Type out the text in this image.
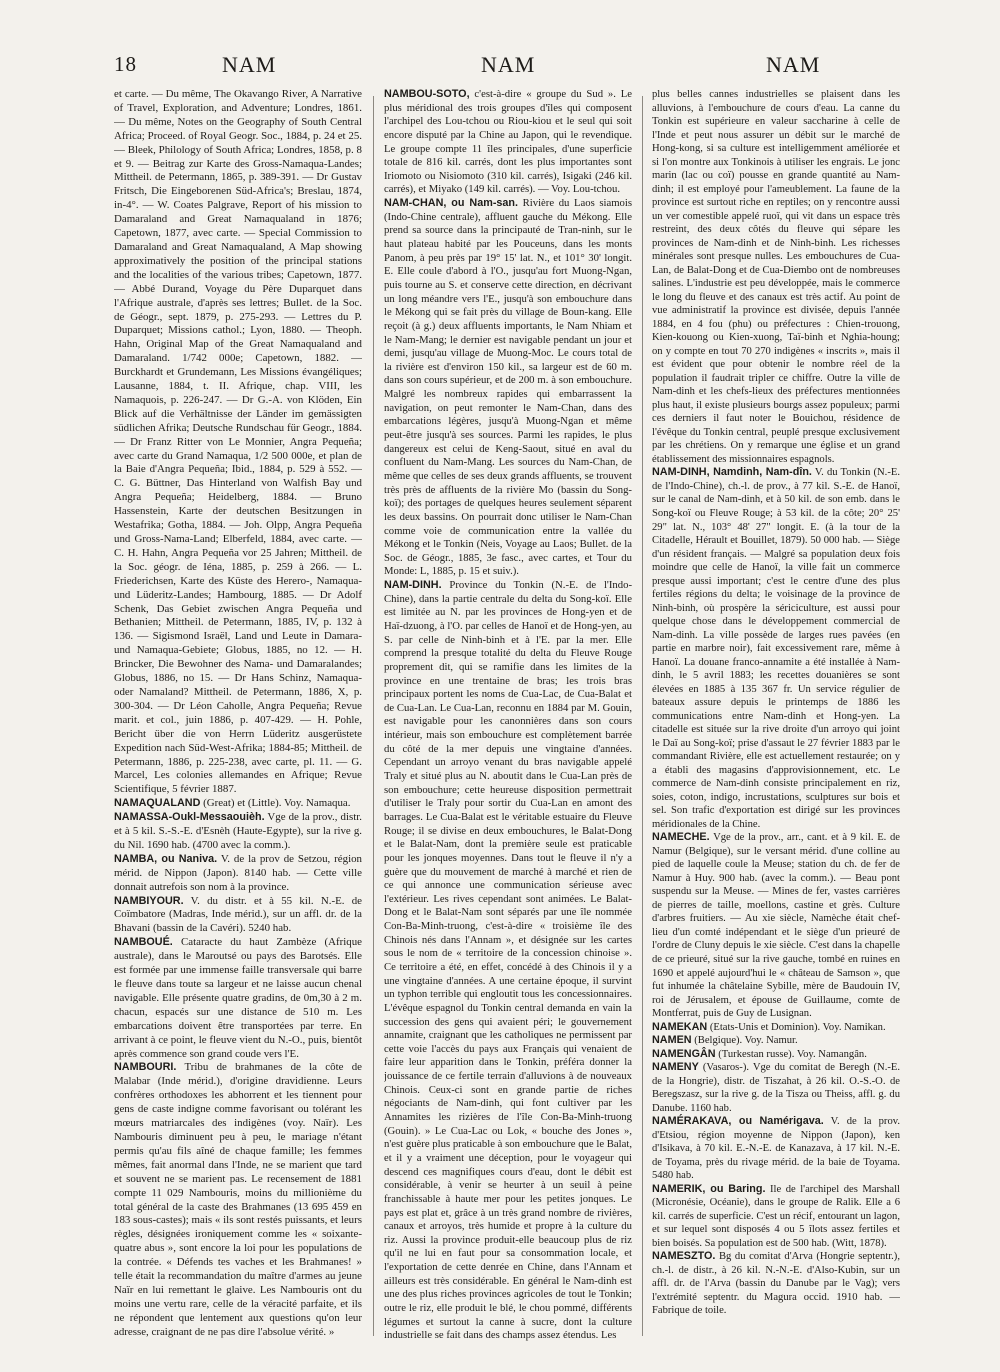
18	NAM	NAM	NAM

et carte. — Du même, The Okavango River, A Narrative of Travel, Exploration, and Adventure; Londres, 1861. — Du même, Notes on the Geography of South Central Africa; Proceed. of Royal Geogr. Soc., 1884, p. 24 et 25. — Bleek, Philology of South Africa; Londres, 1858, p. 8 et 9. — Beitrag zur Karte des Gross-Namaqua-Landes; Mittheil. de Petermann, 1865, p. 389-391. — Dr Gustav Fritsch, Die Eingeborenen Süd-Africa's; Breslau, 1874, in-4°. — W. Coates Palgrave, Report of his mission to Damaraland and Great Namaqualand in 1876; Capetown, 1877, avec carte. — Special Commission to Damaraland and Great Namaqualand, A Map showing approximatively the position of the principal stations and the localities of the various tribes; Capetown, 1877. — Abbé Durand, Voyage du Père Duparquet dans l'Afrique australe, d'après ses lettres; Bullet. de la Soc. de Géogr., sept. 1879, p. 275-293. — Lettres du P. Duparquet; Missions cathol.; Lyon, 1880. — Theoph. Hahn, Original Map of the Great Namaqualand and Damaraland. 1/742 000e; Capetown, 1882. — Burckhardt et Grundemann, Les Missions évangéliques; Lausanne, 1884, t. II. Afrique, chap. VIII, les Namaquois, p. 226-247. — Dr G.-A. von Klöden, Ein Blick auf die Verhältnisse der Länder im gemässigten südlichen Afrika; Deutsche Rundschau für Geogr., 1884. — Dr Franz Ritter von Le Monnier, Angra Pequeña; avec carte du Grand Namaqua, 1/2 500 000e, et plan de la Baie d'Angra Pequeña; Ibid., 1884, p. 529 à 552. — C. G. Büttner, Das Hinterland von Walfish Bay und Angra Pequeña; Heidelberg, 1884. — Bruno Hassenstein, Karte der deutschen Besitzungen in Westafrika; Gotha, 1884. — Joh. Olpp, Angra Pequeña und Gross-Nama-Land; Elberfeld, 1884, avec carte. — C. H. Hahn, Angra Pequeña vor 25 Jahren; Mittheil. de la Soc. géogr. de Iéna, 1885, p. 259 à 266. — L. Friederichsen, Karte des Küste des Herero-, Namaqua- und Lüderitz-Landes; Hambourg, 1885. — Dr Adolf Schenk, Das Gebiet zwischen Angra Pequeña und Bethanien; Mittheil. de Petermann, 1885, IV, p. 132 à 136. — Sigismond Israël, Land und Leute in Damara- und Namaqua-Gebiete; Globus, 1885, no 12. — H. Brincker, Die Bewohner des Nama- und Damaralandes; Globus, 1886, no 15. — Dr Hans Schinz, Namaqua- oder Namaland? Mittheil. de Petermann, 1886, X, p. 300-304. — Dr Léon Caholle, Angra Pequeña; Revue marit. et col., juin 1886, p. 407-429. — H. Pohle, Bericht über die von Herrn Lüderitz ausgerüstete Expedition nach Süd-West-Afrika; 1884-85; Mittheil. de Petermann, 1886, p. 225-238, avec carte, pl. 11. — G. Marcel, Les colonies allemandes en Afrique; Revue Scientifique, 5 février 1887.

NAMAQUALAND (Great) et (Little). Voy. Namaqua.

NAMASSA-Oukl-Messaouièh. Vge de la prov., distr. et à 5 kil. S.-S.-E. d'Esnèh (Haute-Egypte), sur la rive g. du Nil. 1690 hab. (4700 avec la comm.).

NAMBA, ou Naniva. V. de la prov de Setzou, région mérid. de Nippon (Japon). 8140 hab. — Cette ville donnait autrefois son nom à la province.

NAMBIYOUR. V. du distr. et à 55 kil. N.-E. de Coïmbatore (Madras, Inde mérid.), sur un affl. dr. de la Bhavani (bassin de la Cavéri). 5240 hab.

NAMBOUÉ. Cataracte du haut Zambèze (Afrique australe), dans le Maroutsé ou pays des Barotsés. Elle est formée par une immense faille transversale qui barre le fleuve dans toute sa largeur et ne laisse aucun chenal navigable. Elle présente quatre gradins, de 0m,30 à 2 m. chacun, espacés sur une distance de 510 m. Les embarcations doivent être transportées par terre. En arrivant à ce point, le fleuve vient du N.-O., puis, bientôt après commence son grand coude vers l'E.

NAMBOURI. Tribu de brahmanes de la côte de Malabar (Inde mérid.), d'origine dravidienne. Leurs confrères orthodoxes les abhorrent et les tiennent pour gens de caste indigne comme favorisant ou tolérant les mœurs matriarcales des indigènes (voy. Naïr). Les Nambouris diminuent peu à peu, le mariage n'étant permis qu'au fils aîné de chaque famille; les femmes mêmes, fait anormal dans l'Inde, ne se marient que tard et souvent ne se marient pas. Le recensement de 1881 compte 11 029 Nambouris, moins du millionième du total général de la caste des Brahmanes (13 695 459 en 183 sous-castes); mais « ils sont restés puissants, et leurs règles, désignées ironiquement comme les « soixante-quatre abus », sont encore la loi pour les populations de la contrée. « Défends tes vaches et les Brahmanes! » telle était la recommandation du maître d'armes au jeune Naïr en lui remettant le glaive. Les Nambouris ont du moins une vertu rare, celle de la véracité parfaite, et ils ne répondent que lentement aux questions qu'on leur adresse, craignant de ne pas dire l'absolue vérité. »

NAMBOU-SOTO, c'est-à-dire « groupe du Sud ». Le plus méridional des trois groupes d'îles qui composent l'archipel des Lou-tchou ou Riou-kiou et le seul qui soit encore disputé par la Chine au Japon, qui le revendique. Le groupe compte 11 îles principales, d'une superficie totale de 816 kil. carrés, dont les plus importantes sont Iriomoto ou Nisiomoto (310 kil. carrés), Isigaki (246 kil. carrés), et Miyako (149 kil. carrés). — Voy. Lou-tchou.

NAM-CHAN, ou Nam-san. Rivière du Laos siamois (Indo-Chine centrale), affluent gauche du Mékong. Elle prend sa source dans la principauté de Tran-ninh, sur le haut plateau habité par les Pouceuns, dans les monts Panom, à peu près par 19° 15' lat. N., et 101° 30' longit. E. Elle coule d'abord à l'O., jusqu'au fort Muong-Ngan, puis tourne au S. et conserve cette direction, en décrivant un long méandre vers l'E., jusqu'à son embouchure dans le Mékong qui se fait près du village de Boun-kang. Elle reçoit (à g.) deux affluents importants, le Nam Nhiam et le Nam-Mang; le dernier est navigable pendant un jour et demi, jusqu'au village de Muong-Moc. Le cours total de la rivière est d'environ 150 kil., sa largeur est de 60 m. dans son cours supérieur, et de 200 m. à son embouchure. Malgré les nombreux rapides qui embarrassent la navigation, on peut remonter le Nam-Chan, dans des embarcations légères, jusqu'à Muong-Ngan et même peut-être jusqu'à ses sources. Parmi les rapides, le plus dangereux est celui de Keng-Saout, situé en aval du confluent du Nam-Mang. Les sources du Nam-Chan, de même que celles de ses deux grands affluents, se trouvent très près de affluents de la rivière Mo (bassin du Song-koï); des portages de quelques heures seulement séparent les deux bassins. On pourrait donc utiliser le Nam-Chan comme voie de communication entre la vallée du Mékong et le Tonkin (Neis, Voyage au Laos; Bullet. de la Soc. de Géogr., 1885, 3e fasc., avec cartes, et Tour du Monde: L, 1885, p. 15 et suiv.).

NAM-DINH. Province du Tonkin (N.-E. de l'Indo-Chine), dans la partie centrale du delta du Song-koï. Elle est limitée au N. par les provinces de Hong-yen et de Haï-dzuong, à l'O. par celles de Hanoï et de Hong-yen, au S. par celle de Ninh-binh et à l'E. par la mer. Elle comprend la presque totalité du delta du Fleuve Rouge proprement dit, qui se ramifie dans les limites de la province en une trentaine de bras; les trois bras principaux portent les noms de Cua-Lac, de Cua-Balat et de Cua-Lan. Le Cua-Lan, reconnu en 1884 par M. Gouin, est navigable pour les canonnières dans son cours intérieur, mais son embouchure est complètement barrée du côté de la mer depuis une vingtaine d'années. Cependant un arroyo venant du bras navigable appelé Traly et situé plus au N. aboutit dans le Cua-Lan près de son embouchure; cette heureuse disposition permettrait d'utiliser le Traly pour sortir du Cua-Lan en amont des barrages. Le Cua-Balat est le véritable estuaire du Fleuve Rouge; il se divise en deux embouchures, le Balat-Dong et le Balat-Nam, dont la première seule est praticable pour les jonques moyennes. Dans tout le fleuve il n'y a guère que du mouvement de marché à marché et rien de ce qui annonce une communication sérieuse avec l'extérieur. Les rives cependant sont animées. Le Balat-Dong et le Balat-Nam sont séparés par une île nommée Con-Ba-Minh-truong, c'est-à-dire « troisième île des Chinois nés dans l'Annam », et désignée sur les cartes sous le nom de « territoire de la concession chinoise ». Ce territoire a été, en effet, concédé à des Chinois il y a une vingtaine d'années. A une certaine époque, il survint un typhon terrible qui engloutit tous les concessionnaires. L'évêque espagnol du Tonkin central demanda en vain la succession des gens qui avaient péri; le gouvernement annamite, craignant que les catholiques ne permissent par cette voie l'accès du pays aux Français qui venaient de faire leur apparition dans le Tonkin, préféra donner la jouissance de ce fertile terrain d'alluvions à de nouveaux Chinois. Ceux-ci sont en grande partie de riches négociants de Nam-dinh, qui font cultiver par les Annamites les rizières de l'île Con-Ba-Minh-truong (Gouin). » Le Cua-Lac ou Lok, « bouche des Jones », n'est guère plus praticable à son embouchure que le Balat, et il y a vraiment une déception, pour le voyageur qui descend ces magnifiques cours d'eau, dont le débit est considérable, à venir se heurter à un seuil à peine franchissable à haute mer pour les petites jonques. Le pays est plat et, grâce à un très grand nombre de rivières, canaux et arroyos, très humide et propre à la culture du riz. Aussi la province produit-elle beaucoup plus de riz qu'il ne lui en faut pour sa consommation locale, et l'exportation de cette denrée en Chine, dans l'Annam et ailleurs est très considérable. En général le Nam-dinh est une des plus riches provinces agricoles de tout le Tonkin; outre le riz, elle produit le blé, le chou pommé, différents légumes et surtout la canne à sucre, dont la culture industrielle se fait dans des champs assez étendus. Les

plus belles cannes industrielles se plaisent dans les alluvions, à l'embouchure de cours d'eau. La canne du Tonkin est supérieure en valeur saccharine à celle de l'Inde et peut nous assurer un débit sur le marché de Hong-kong, si sa culture est intelligemment améliorée et si l'on montre aux Tonkinois à utiliser les engrais. Le jonc marin (lac ou coï) pousse en grande quantité au Nam-dinh; il est employé pour l'ameublement. La faune de la province est surtout riche en reptiles; on y rencontre aussi un ver comestible appelé ruoï, qui vit dans un espace très restreint, des deux côtés du fleuve qui sépare les provinces de Nam-dinh et de Ninh-binh. Les richesses minérales sont presque nulles. Les embouchures de Cua-Lan, de Balat-Dong et de Cua-Diembo ont de nombreuses salines. L'industrie est peu développée, mais le commerce le long du fleuve et des canaux est très actif. Au point de vue administratif la province est divisée, depuis l'année 1884, en 4 fou (phu) ou préfectures : Chien-trouong, Kien-kouong ou Kien-xuong, Taï-binh et Nghia-houng; on y compte en tout 70 270 indigènes « inscrits », mais il est évident que pour obtenir le nombre réel de la population il faudrait tripler ce chiffre. Outre la ville de Nam-dinh et les chefs-lieux des préfectures mentionnées plus haut, il existe plusieurs bourgs assez populeux; parmi ces derniers il faut noter le Bouichou, résidence de l'évêque du Tonkin central, peuplé presque exclusivement par les chrétiens. On y remarque une église et un grand établissement des missionnaires espagnols.

NAM-DINH, Namdinh, Nam-dîn. V. du Tonkin (N.-E. de l'Indo-Chine), ch.-l. de prov., à 77 kil. S.-E. de Hanoï, sur le canal de Nam-dinh, et à 50 kil. de son emb. dans le Song-koï ou Fleuve Rouge; à 53 kil. de la côte; 20° 25' 29" lat. N., 103° 48' 27" longit. E. (à la tour de la Citadelle, Hérault et Bouillet, 1879). 50 000 hab. — Siège d'un résident français. — Malgré sa population deux fois moindre que celle de Hanoï, la ville fait un commerce presque aussi important; c'est le centre d'une des plus fertiles régions du delta; le voisinage de la province de Ninh-binh, où prospère la sériciculture, est aussi pour quelque chose dans le développement commercial de Nam-dinh. La ville possède de larges rues pavées (en partie en marbre noir), fait excessivement rare, même à Hanoï. La douane franco-annamite a été installée à Nam-dinh, le 5 avril 1883; les recettes douanières se sont élevées en 1885 à 135 367 fr. Un service régulier de bateaux assure depuis le printemps de 1886 les communications entre Nam-dinh et Hong-yen. La citadelle est située sur la rive droite d'un arroyo qui joint le Daï au Song-koï; prise d'assaut le 27 février 1883 par le commandant Rivière, elle est actuellement restaurée; on y a établi des magasins d'approvisionnement, etc. Le commerce de Nam-dinh consiste principalement en riz, soies, coton, indigo, incrustations, sculptures sur bois et sel. Son trafic d'exportation est dirigé sur les provinces méridionales de la Chine.

NAMECHE. Vge de la prov., arr., cant. et à 9 kil. E. de Namur (Belgique), sur le versant mérid. d'une colline au pied de laquelle coule la Meuse; station du ch. de fer de Namur à Huy. 900 hab. (avec la comm.). — Beau pont suspendu sur la Meuse. — Mines de fer, vastes carrières de pierres de taille, moellons, castine et grès. Culture d'arbres fruitiers. — Au xie siècle, Namèche était chef-lieu d'un comté indépendant et le siège d'un prieuré de l'ordre de Cluny depuis le xie siècle. C'est dans la chapelle de ce prieuré, situé sur la rive gauche, tombé en ruines en 1690 et appelé aujourd'hui le « château de Samson », que fut inhumée la châtelaine Sybille, mère de Baudouin IV, roi de Jérusalem, et épouse de Guillaume, comte de Montferrat, puis de Guy de Lusignan.

NAMEKAN (Etats-Unis et Dominion). Voy. Namikan.

NAMEN (Belgique). Voy. Namur.

NAMENGÂN (Turkestan russe). Voy. Namangân.

NAMENY (Vasaros-). Vge du comitat de Beregh (N.-E. de la Hongrie), distr. de Tiszahat, à 26 kil. O.-S.-O. de Beregszasz, sur la rive g. de la Tisza ou Theiss, affl. g. du Danube. 1160 hab.

NAMÉRAKAVA, ou Namérigava. V. de la prov. d'Etsiou, région moyenne de Nippon (Japon), ken d'Isikava, à 70 kil. E.-N.-E. de Kanazava, à 17 kil. N.-E. de Toyama, près du rivage mérid. de la baie de Toyama. 5480 hab.

NAMERIK, ou Baring. Ile de l'archipel des Marshall (Micronésie, Océanie), dans le groupe de Ralik. Elle a 6 kil. carrés de superficie. C'est un récif, entourant un lagon, et sur lequel sont disposés 4 ou 5 îlots assez fertiles et bien boisés. Sa population est de 500 hab. (Witt, 1878).

NAMESZTO. Bg du comitat d'Arva (Hongrie septentr.), ch.-l. de distr., à 26 kil. N.-N.-E. d'Also-Kubin, sur un affl. dr. de l'Arva (bassin du Danube par le Vag); vers l'extrémité septentr. du Magura occid. 1910 hab. — Fabrique de toile.
